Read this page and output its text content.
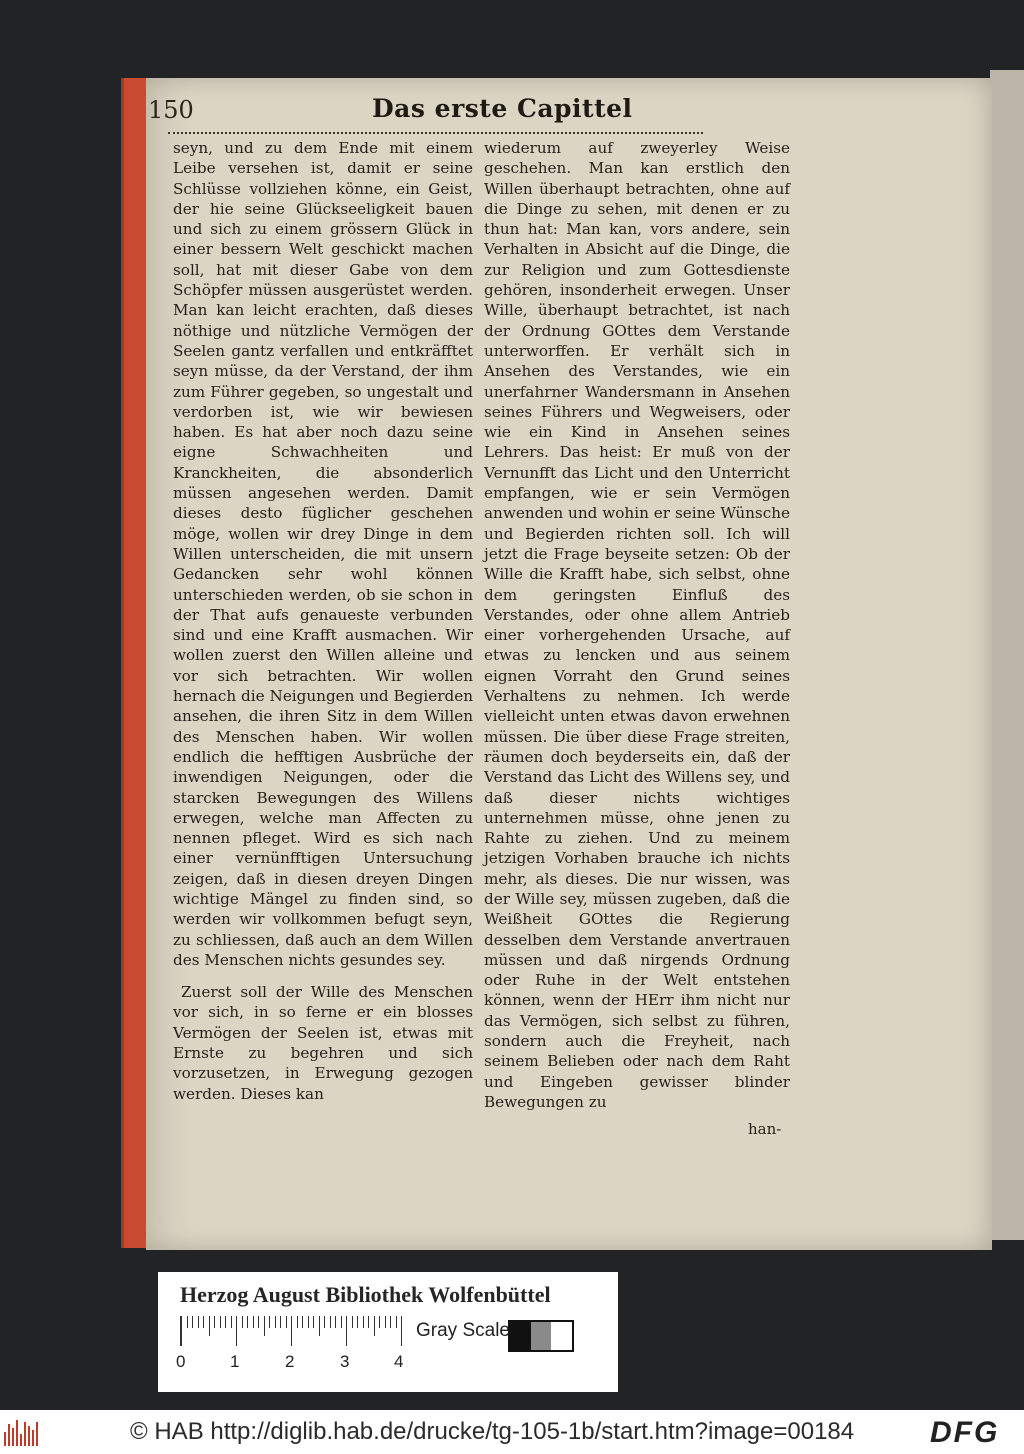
150	Das erste Capittel

seyn, und zu dem Ende mit einem Leibe versehen ist, damit er seine Schlüsse vollziehen könne, ein Geist, der hie seine Glückseeligkeit bauen und sich zu einem grössern Glück in einer bessern Welt geschickt machen soll, hat mit dieser Gabe von dem Schöpfer müssen ausgerüstet werden. Man kan leicht erachten, daß dieses nöthige und nützliche Vermögen der Seelen gantz verfallen und entkräfftet seyn müsse, da der Verstand, der ihm zum Führer gegeben, so ungestalt und verdorben ist, wie wir bewiesen haben. Es hat aber noch dazu seine eigne Schwachheiten und Kranckheiten, die absonderlich müssen angesehen werden. Damit dieses desto füglicher geschehen möge, wollen wir drey Dinge in dem Willen unterscheiden, die mit unsern Gedancken sehr wohl können unterschieden werden, ob sie schon in der That aufs genaueste verbunden sind und eine Krafft ausmachen. Wir wollen zuerst den Willen alleine und vor sich betrachten. Wir wollen hernach die Neigungen und Begierden ansehen, die ihren Sitz in dem Willen des Menschen haben. Wir wollen endlich die hefftigen Ausbrüche der inwendigen Neigungen, oder die starcken Bewegungen des Willens erwegen, welche man Affecten zu nennen pfleget. Wird es sich nach einer vernünfftigen Untersuchung zeigen, daß in diesen dreyen Dingen wichtige Mängel zu finden sind, so werden wir vollkommen befugt seyn, zu schliessen, daß auch an dem Willen des Menschen nichts gesundes sey.

Zuerst soll der Wille des Menschen vor sich, in so ferne er ein blosses Vermögen der Seelen ist, etwas mit Ernste zu begehren und sich vorzusetzen, in Erwegung gezogen werden. Dieses kan

wiederum auf zweyerley Weise geschehen. Man kan erstlich den Willen überhaupt betrachten, ohne auf die Dinge zu sehen, mit denen er zu thun hat: Man kan, vors andere, sein Verhalten in Absicht auf die Dinge, die zur Religion und zum Gottesdienste gehören, insonderheit erwegen. Unser Wille, überhaupt betrachtet, ist nach der Ordnung GOttes dem Verstande unterworffen. Er verhält sich in Ansehen des Verstandes, wie ein unerfahrner Wandersmann in Ansehen seines Führers und Wegweisers, oder wie ein Kind in Ansehen seines Lehrers. Das heist: Er muß von der Vernunfft das Licht und den Unterricht empfangen, wie er sein Vermögen anwenden und wohin er seine Wünsche und Begierden richten soll. Ich will jetzt die Frage beyseite setzen: Ob der Wille die Krafft habe, sich selbst, ohne dem geringsten Einfluß des Verstandes, oder ohne allem Antrieb einer vorhergehenden Ursache, auf etwas zu lencken und aus seinem eignen Vorraht den Grund seines Verhaltens zu nehmen. Ich werde vielleicht unten etwas davon erwehnen müssen. Die über diese Frage streiten, räumen doch beyderseits ein, daß der Verstand das Licht des Willens sey, und daß dieser nichts wichtiges unternehmen müsse, ohne jenen zu Rahte zu ziehen. Und zu meinem jetzigen Vorhaben brauche ich nichts mehr, als dieses. Die nur wissen, was der Wille sey, müssen zugeben, daß die Weißheit GOttes die Regierung desselben dem Verstande anvertrauen müssen und daß nirgends Ordnung oder Ruhe in der Welt entstehen können, wenn der HErr ihm nicht nur das Vermögen, sich selbst zu führen, sondern auch die Freyheit, nach seinem Belieben oder nach dem Raht und Eingeben gewisser blinder Bewegungen zu

han-
Herzog August Bibliothek Wolfenbüttel
0	1	2	3	4
Gray Scale
© HAB http://diglib.hab.de/drucke/tg-105-1b/start.htm?image=00184	DFG
